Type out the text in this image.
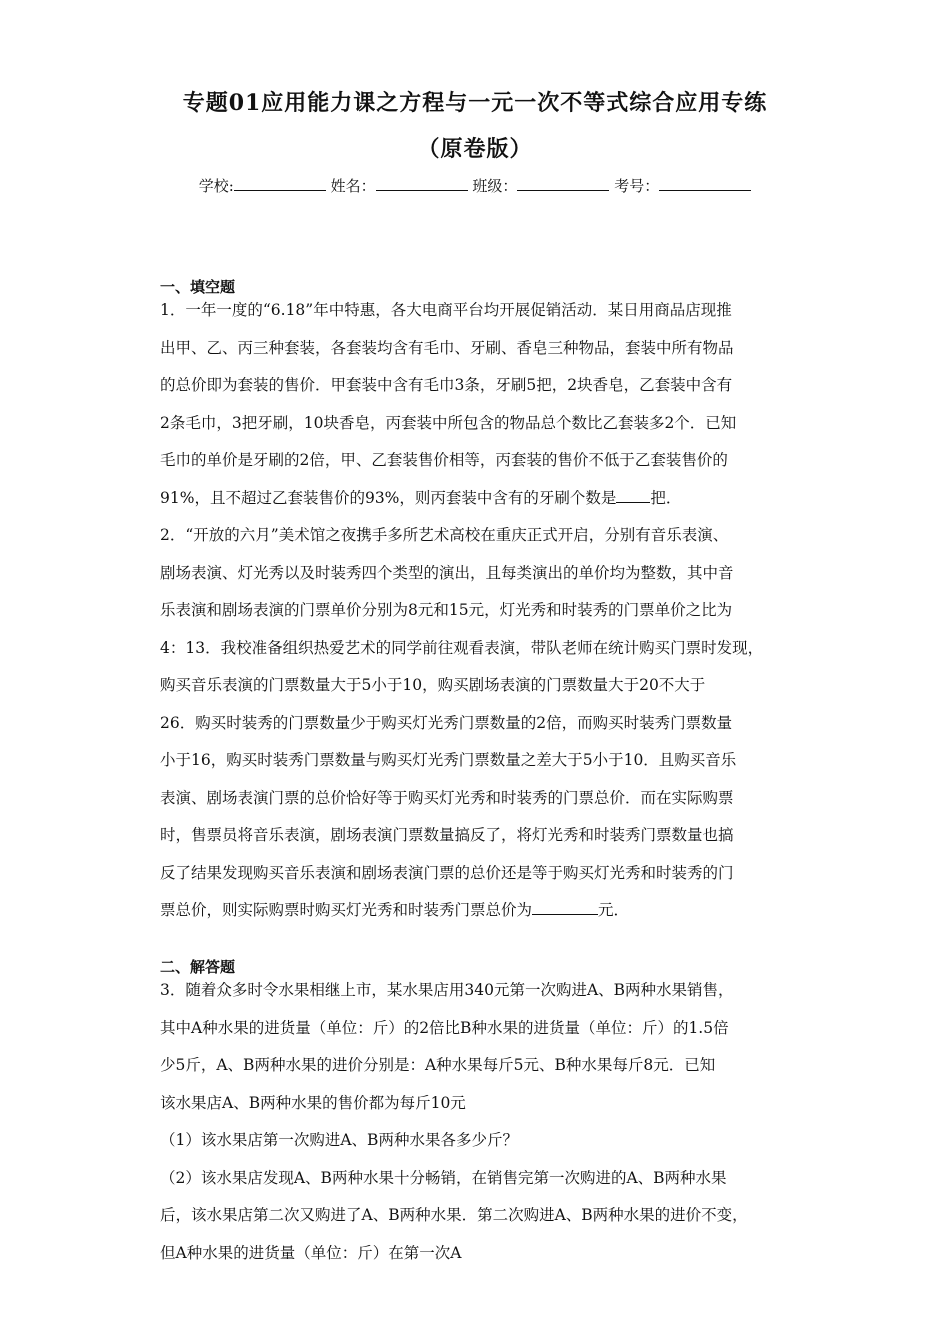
专题01应用能力课之方程与一元一次不等式综合应用专练
（原卷版）
学校:	姓名：	班级：	考号：
一、填空题
1．一年一度的“6.18”年中特惠，各大电商平台均开展促销活动．某日用商品店现推
出甲、乙、丙三种套装，各套装均含有毛巾、牙刷、香皂三种物品，套装中所有物品
的总价即为套装的售价．甲套装中含有毛巾3条，牙刷5把，2块香皂，乙套装中含有
2条毛巾，3把牙刷，10块香皂，丙套装中所包含的物品总个数比乙套装多2个．已知
毛巾的单价是牙刷的2倍，甲、乙套装售价相等，丙套装的售价不低于乙套装售价的
91%，且不超过乙套装售价的93%，则丙套装中含有的牙刷个数是 把．
2．“开放的六月”美术馆之夜携手多所艺术高校在重庆正式开启，分别有音乐表演、
剧场表演、灯光秀以及时装秀四个类型的演出，且每类演出的单价均为整数，其中音
乐表演和剧场表演的门票单价分别为8元和15元，灯光秀和时装秀的门票单价之比为
4：13．我校准备组织热爱艺术的同学前往观看表演，带队老师在统计购买门票时发现，
购买音乐表演的门票数量大于5小于10，购买剧场表演的门票数量大于20不大于
26．购买时装秀的门票数量少于购买灯光秀门票数量的2倍，而购买时装秀门票数量
小于16，购买时装秀门票数量与购买灯光秀门票数量之差大于5小于10．且购买音乐
表演、剧场表演门票的总价恰好等于购买灯光秀和时装秀的门票总价．而在实际购票
时，售票员将音乐表演，剧场表演门票数量搞反了，将灯光秀和时装秀门票数量也搞
反了结果发现购买音乐表演和剧场表演门票的总价还是等于购买灯光秀和时装秀的门
票总价，则实际购票时购买灯光秀和时装秀门票总价为	元．
二、解答题
3．随着众多时令水果相继上市，某水果店用340元第一次购进A、B两种水果销售，
其中A种水果的进货量（单位：斤）的2倍比B种水果的进货量（单位：斤）的1.5倍
少5斤，A、B两种水果的进价分别是：A种水果每斤5元、B种水果每斤8元．已知
该水果店A、B两种水果的售价都为每斤10元
（1）该水果店第一次购进A、B两种水果各多少斤？
（2）该水果店发现A、B两种水果十分畅销，在销售完第一次购进的A、B两种水果
后，该水果店第二次又购进了A、B两种水果．第二次购进A、B两种水果的进价不变，
但A种水果的进货量（单位：斤）在第一次A
